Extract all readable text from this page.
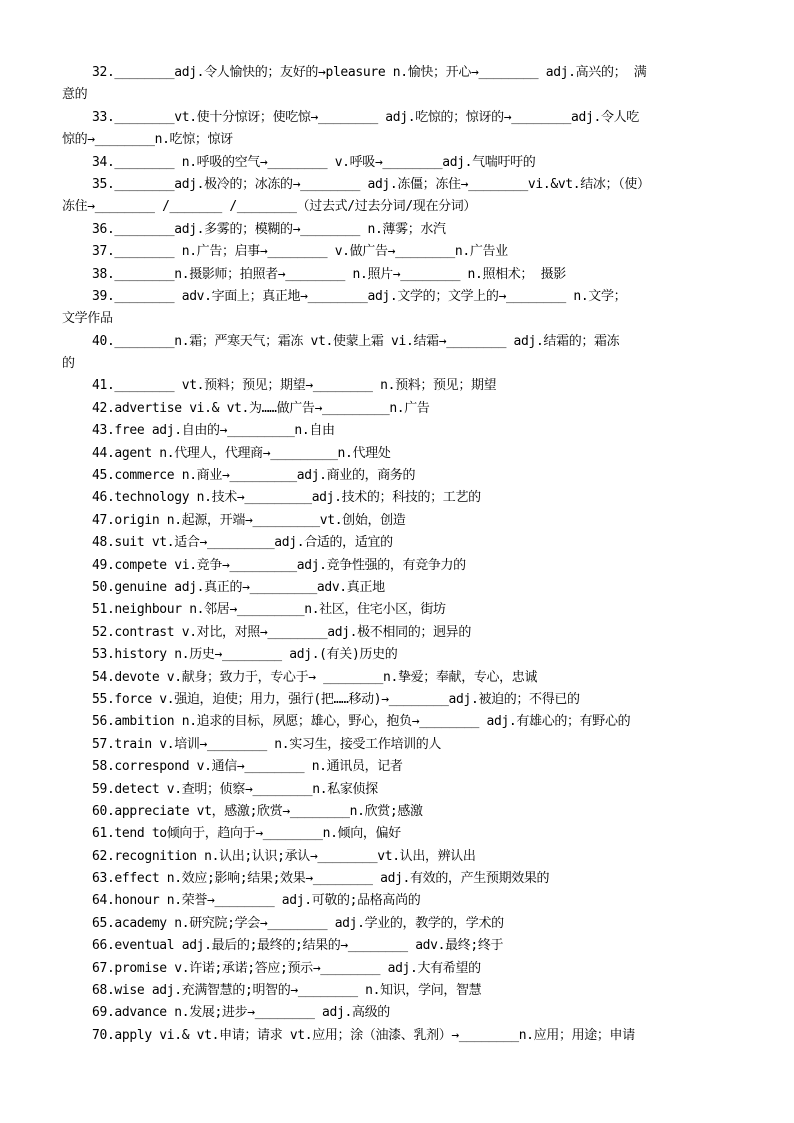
32.________adj.令人愉快的；友好的→pleasure n.愉快；开心→________ adj.高兴的； 满
意的
33.________vt.使十分惊讶；使吃惊→________ adj.吃惊的；惊讶的→________adj.令人吃
惊的→________n.吃惊；惊讶
34.________ n.呼吸的空气→________ v.呼吸→________adj.气喘吁吁的
35.________adj.极冷的；冰冻的→________ adj.冻僵；冻住→________vi.&vt.结冰；（使）
冻住→________ /_______ /________（过去式/过去分词/现在分词）
36.________adj.多雾的；模糊的→________ n.薄雾；水汽
37.________ n.广告；启事→________ v.做广告→________n.广告业
38.________n.摄影师；拍照者→________ n.照片→________ n.照相术； 摄影
39.________ adv.字面上；真正地→________adj.文学的；文学上的→________ n.文学；
文学作品
40.________n.霜；严寒天气；霜冻 vt.使蒙上霜 vi.结霜→________ adj.结霜的；霜冻
的
41.________ vt.预料；预见；期望→________ n.预料；预见；期望
42.advertise vi.& vt.为……做广告→_________n.广告
43.free adj.自由的→_________n.自由
44.agent n.代理人，代理商→_________n.代理处
45.commerce n.商业→_________adj.商业的，商务的
46.technology n.技术→_________adj.技术的；科技的；工艺的
47.origin n.起源，开端→_________vt.创始，创造
48.suit vt.适合→_________adj.合适的，适宜的
49.compete vi.竞争→_________adj.竞争性强的，有竞争力的
50.genuine adj.真正的→_________adv.真正地
51.neighbour n.邻居→_________n.社区，住宅小区，街坊
52.contrast v.对比，对照→________adj.极不相同的；迥异的
53.history n.历史→________ adj.(有关)历史的
54.devote v.献身；致力于，专心于→ ________n.挚爱；奉献，专心，忠诚
55.force v.强迫，迫使；用力，强行(把……移动)→________adj.被迫的；不得已的
56.ambition n.追求的目标，夙愿；雄心，野心，抱负→________ adj.有雄心的；有野心的
57.train v.培训→________ n.实习生，接受工作培训的人
58.correspond v.通信→________ n.通讯员，记者
59.detect v.查明；侦察→________n.私家侦探
60.appreciate vt，感激;欣赏→________n.欣赏;感激
61.tend to倾向于，趋向于→________n.倾向，偏好
62.recognition n.认出;认识;承认→________vt.认出，辨认出
63.effect n.效应;影响;结果;效果→________ adj.有效的，产生预期效果的
64.honour n.荣誉→________ adj.可敬的;品格高尚的
65.academy n.研究院;学会→________ adj.学业的，教学的，学术的
66.eventual adj.最后的;最终的;结果的→________ adv.最终;终于
67.promise v.许诺;承诺;答应;预示→________ adj.大有希望的
68.wise adj.充满智慧的;明智的→________ n.知识，学问，智慧
69.advance n.发展;进步→________ adj.高级的
70.apply vi.& vt.申请；请求 vt.应用；涂（油漆、乳剂）→________n.应用；用途；申请
